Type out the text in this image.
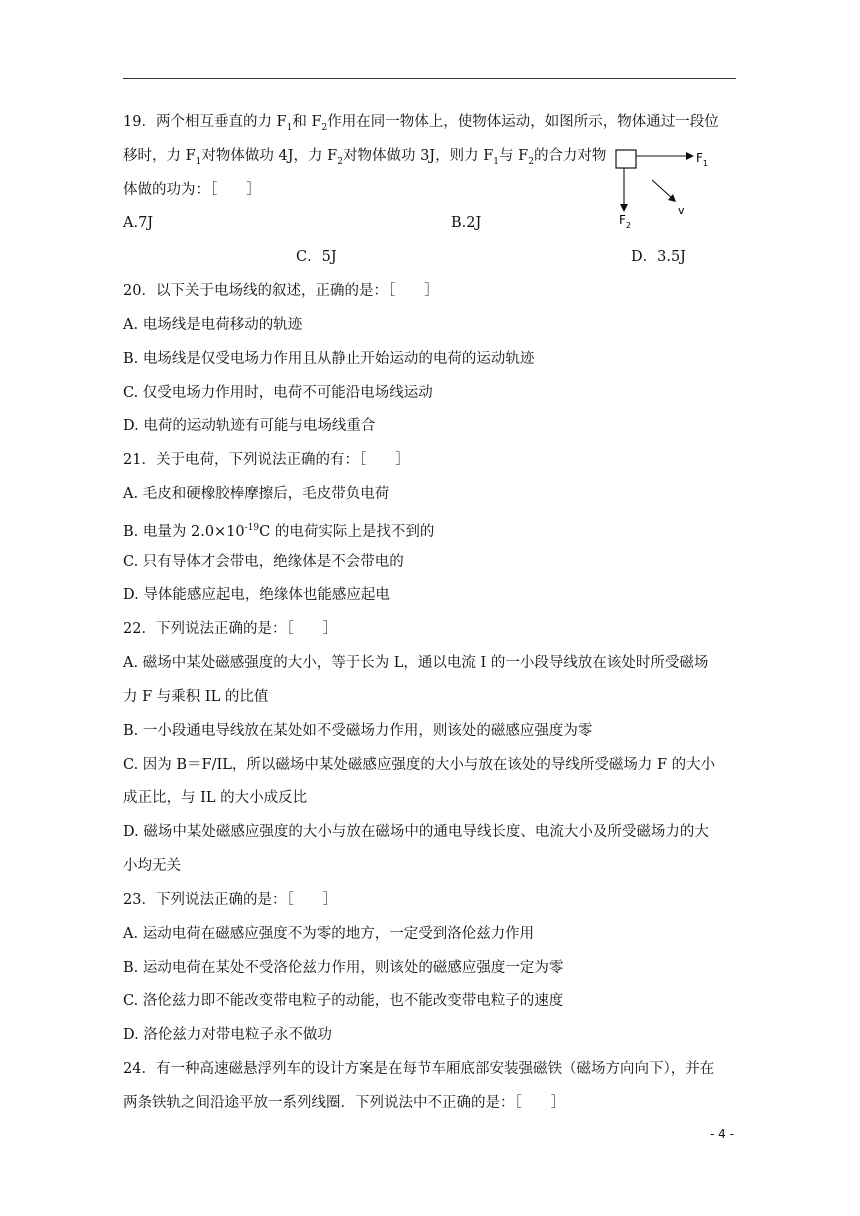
19．两个相互垂直的力 $F_1$和 $F_2$作用在同一物体上，使物体运动，如图所示，物体通过一段位
移时，力 $F_1$对物体做功 4J，力 $F_2$对物体做功 3J，则力 $F_1$与 $F_2$的合力对物
体做的功为：［　　］
A.7J	B.2J
C．5J	D．3.5J
$F_1$
$F_2$
v
20．以下关于电场线的叙述，正确的是：［　　］
A. 电场线是电荷移动的轨迹
B. 电场线是仅受电场力作用且从静止开始运动的电荷的运动轨迹
C. 仅受电场力作用时，电荷不可能沿电场线运动
D. 电荷的运动轨迹有可能与电场线重合
21．关于电荷，下列说法正确的有：［　　］
A. 毛皮和硬橡胶棒摩擦后，毛皮带负电荷
B. 电量为 $2.0\times 10^{-19}C$ 的电荷实际上是找不到的
C. 只有导体才会带电，绝缘体是不会带电的
D. 导体能感应起电，绝缘体也能感应起电
22．下列说法正确的是：［　　］
A. 磁场中某处磁感强度的大小，等于长为 L，通以电流 I 的一小段导线放在该处时所受磁场
力 F 与乘积 IL 的比值
B. 一小段通电导线放在某处如不受磁场力作用，则该处的磁感应强度为零
C. 因为 B＝F/IL，所以磁场中某处磁感应强度的大小与放在该处的导线所受磁场力 F 的大小
成正比，与 IL 的大小成反比
D. 磁场中某处磁感应强度的大小与放在磁场中的通电导线长度、电流大小及所受磁场力的大
小均无关
23．下列说法正确的是：［　　］
A. 运动电荷在磁感应强度不为零的地方，一定受到洛伦兹力作用
B. 运动电荷在某处不受洛伦兹力作用，则该处的磁感应强度一定为零
C. 洛伦兹力即不能改变带电粒子的动能，也不能改变带电粒子的速度
D. 洛伦兹力对带电粒子永不做功
24．有一种高速磁悬浮列车的设计方案是在每节车厢底部安装强磁铁（磁场方向向下），并在
两条铁轨之间沿途平放一系列线圈．下列说法中不正确的是：［　　］
- 4 -
